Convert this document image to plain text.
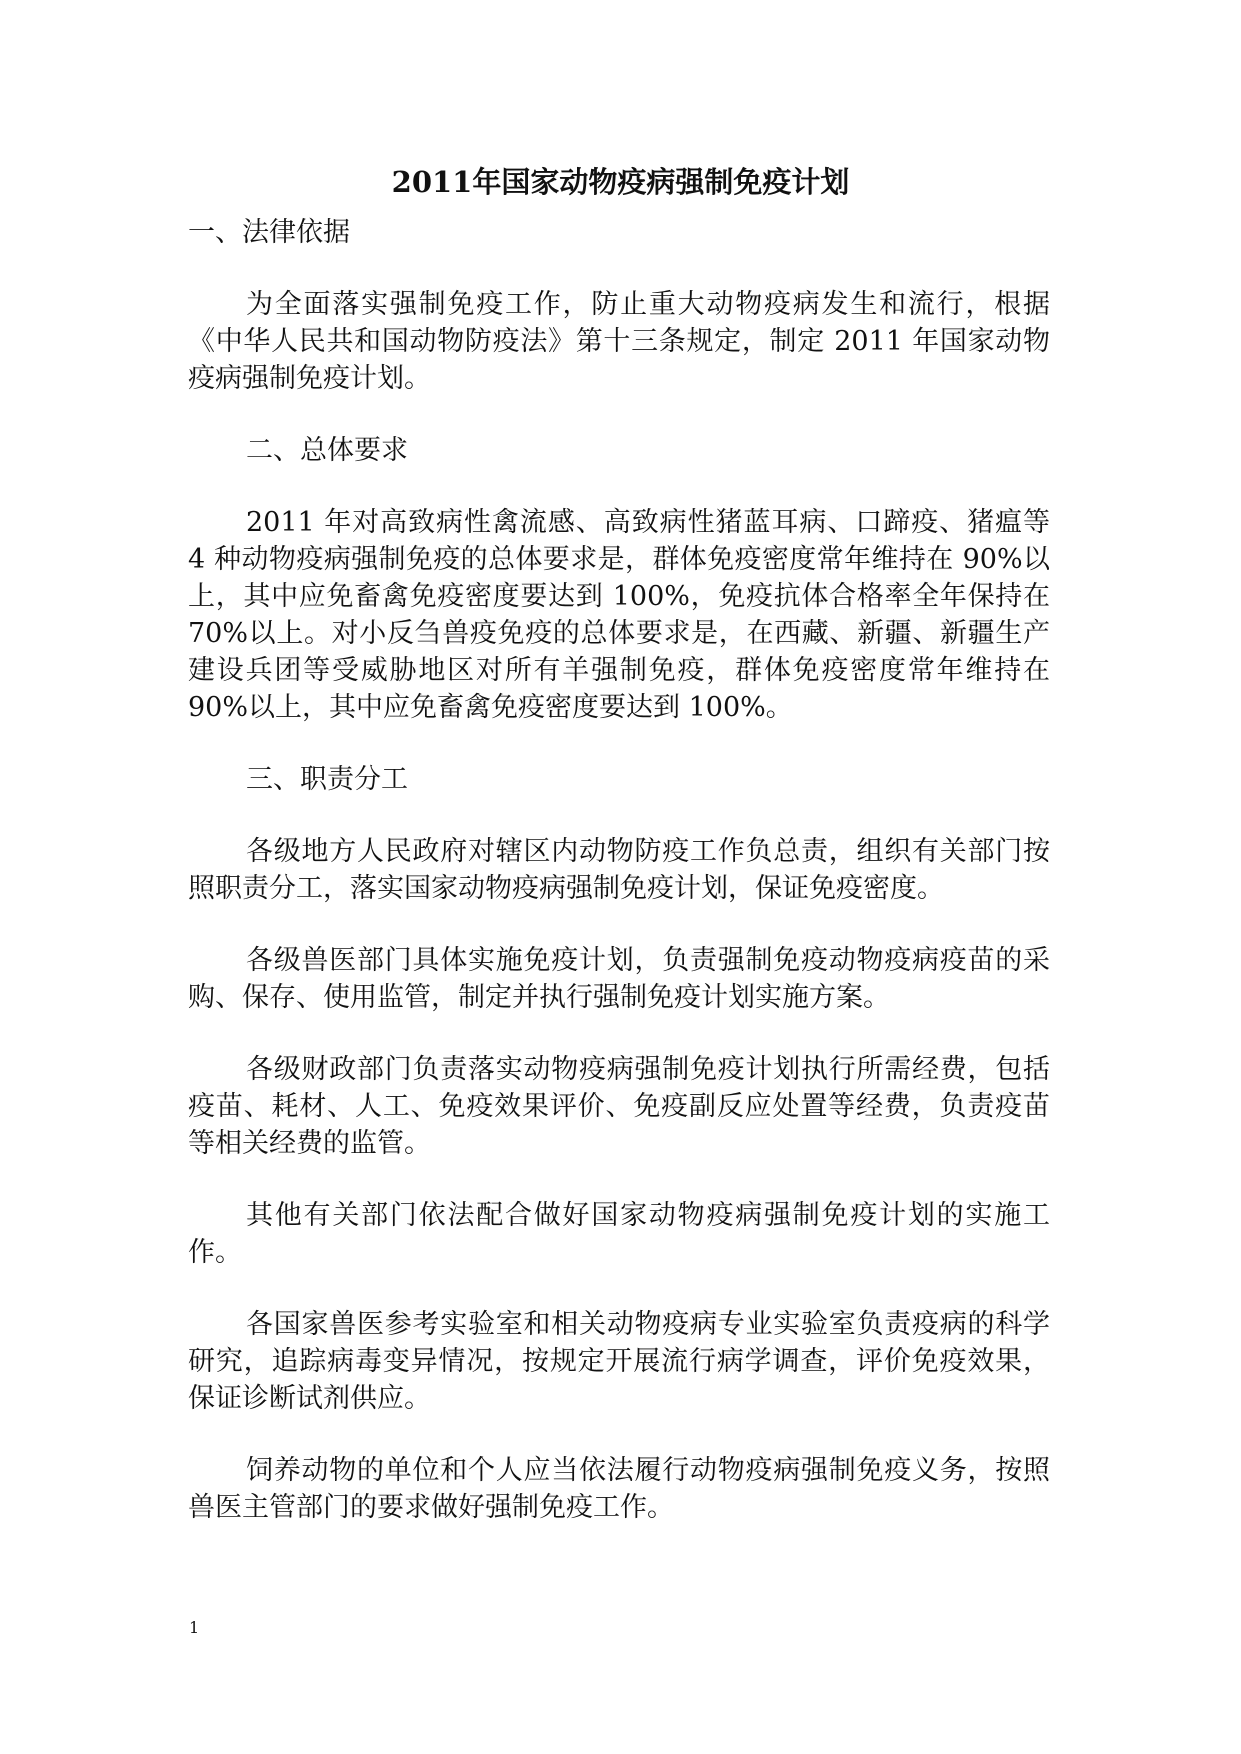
2011年国家动物疫病强制免疫计划

一、法律依据

为全面落实强制免疫工作，防止重大动物疫病发生和流行，根据《中华人民共和国动物防疫法》第十三条规定，制定 2011 年国家动物疫病强制免疫计划。

二、总体要求

2011 年对高致病性禽流感、高致病性猪蓝耳病、口蹄疫、猪瘟等 4 种动物疫病强制免疫的总体要求是，群体免疫密度常年维持在 90%以上，其中应免畜禽免疫密度要达到 100%，免疫抗体合格率全年保持在 70%以上。对小反刍兽疫免疫的总体要求是，在西藏、新疆、新疆生产建设兵团等受威胁地区对所有羊强制免疫，群体免疫密度常年维持在 90%以上，其中应免畜禽免疫密度要达到 100%。

三、职责分工

各级地方人民政府对辖区内动物防疫工作负总责，组织有关部门按照职责分工，落实国家动物疫病强制免疫计划，保证免疫密度。

各级兽医部门具体实施免疫计划，负责强制免疫动物疫病疫苗的采购、保存、使用监管，制定并执行强制免疫计划实施方案。

各级财政部门负责落实动物疫病强制免疫计划执行所需经费，包括疫苗、耗材、人工、免疫效果评价、免疫副反应处置等经费，负责疫苗等相关经费的监管。

其他有关部门依法配合做好国家动物疫病强制免疫计划的实施工作。

各国家兽医参考实验室和相关动物疫病专业实验室负责疫病的科学研究，追踪病毒变异情况，按规定开展流行病学调查，评价免疫效果，保证诊断试剂供应。

饲养动物的单位和个人应当依法履行动物疫病强制免疫义务，按照兽医主管部门的要求做好强制免疫工作。

1
